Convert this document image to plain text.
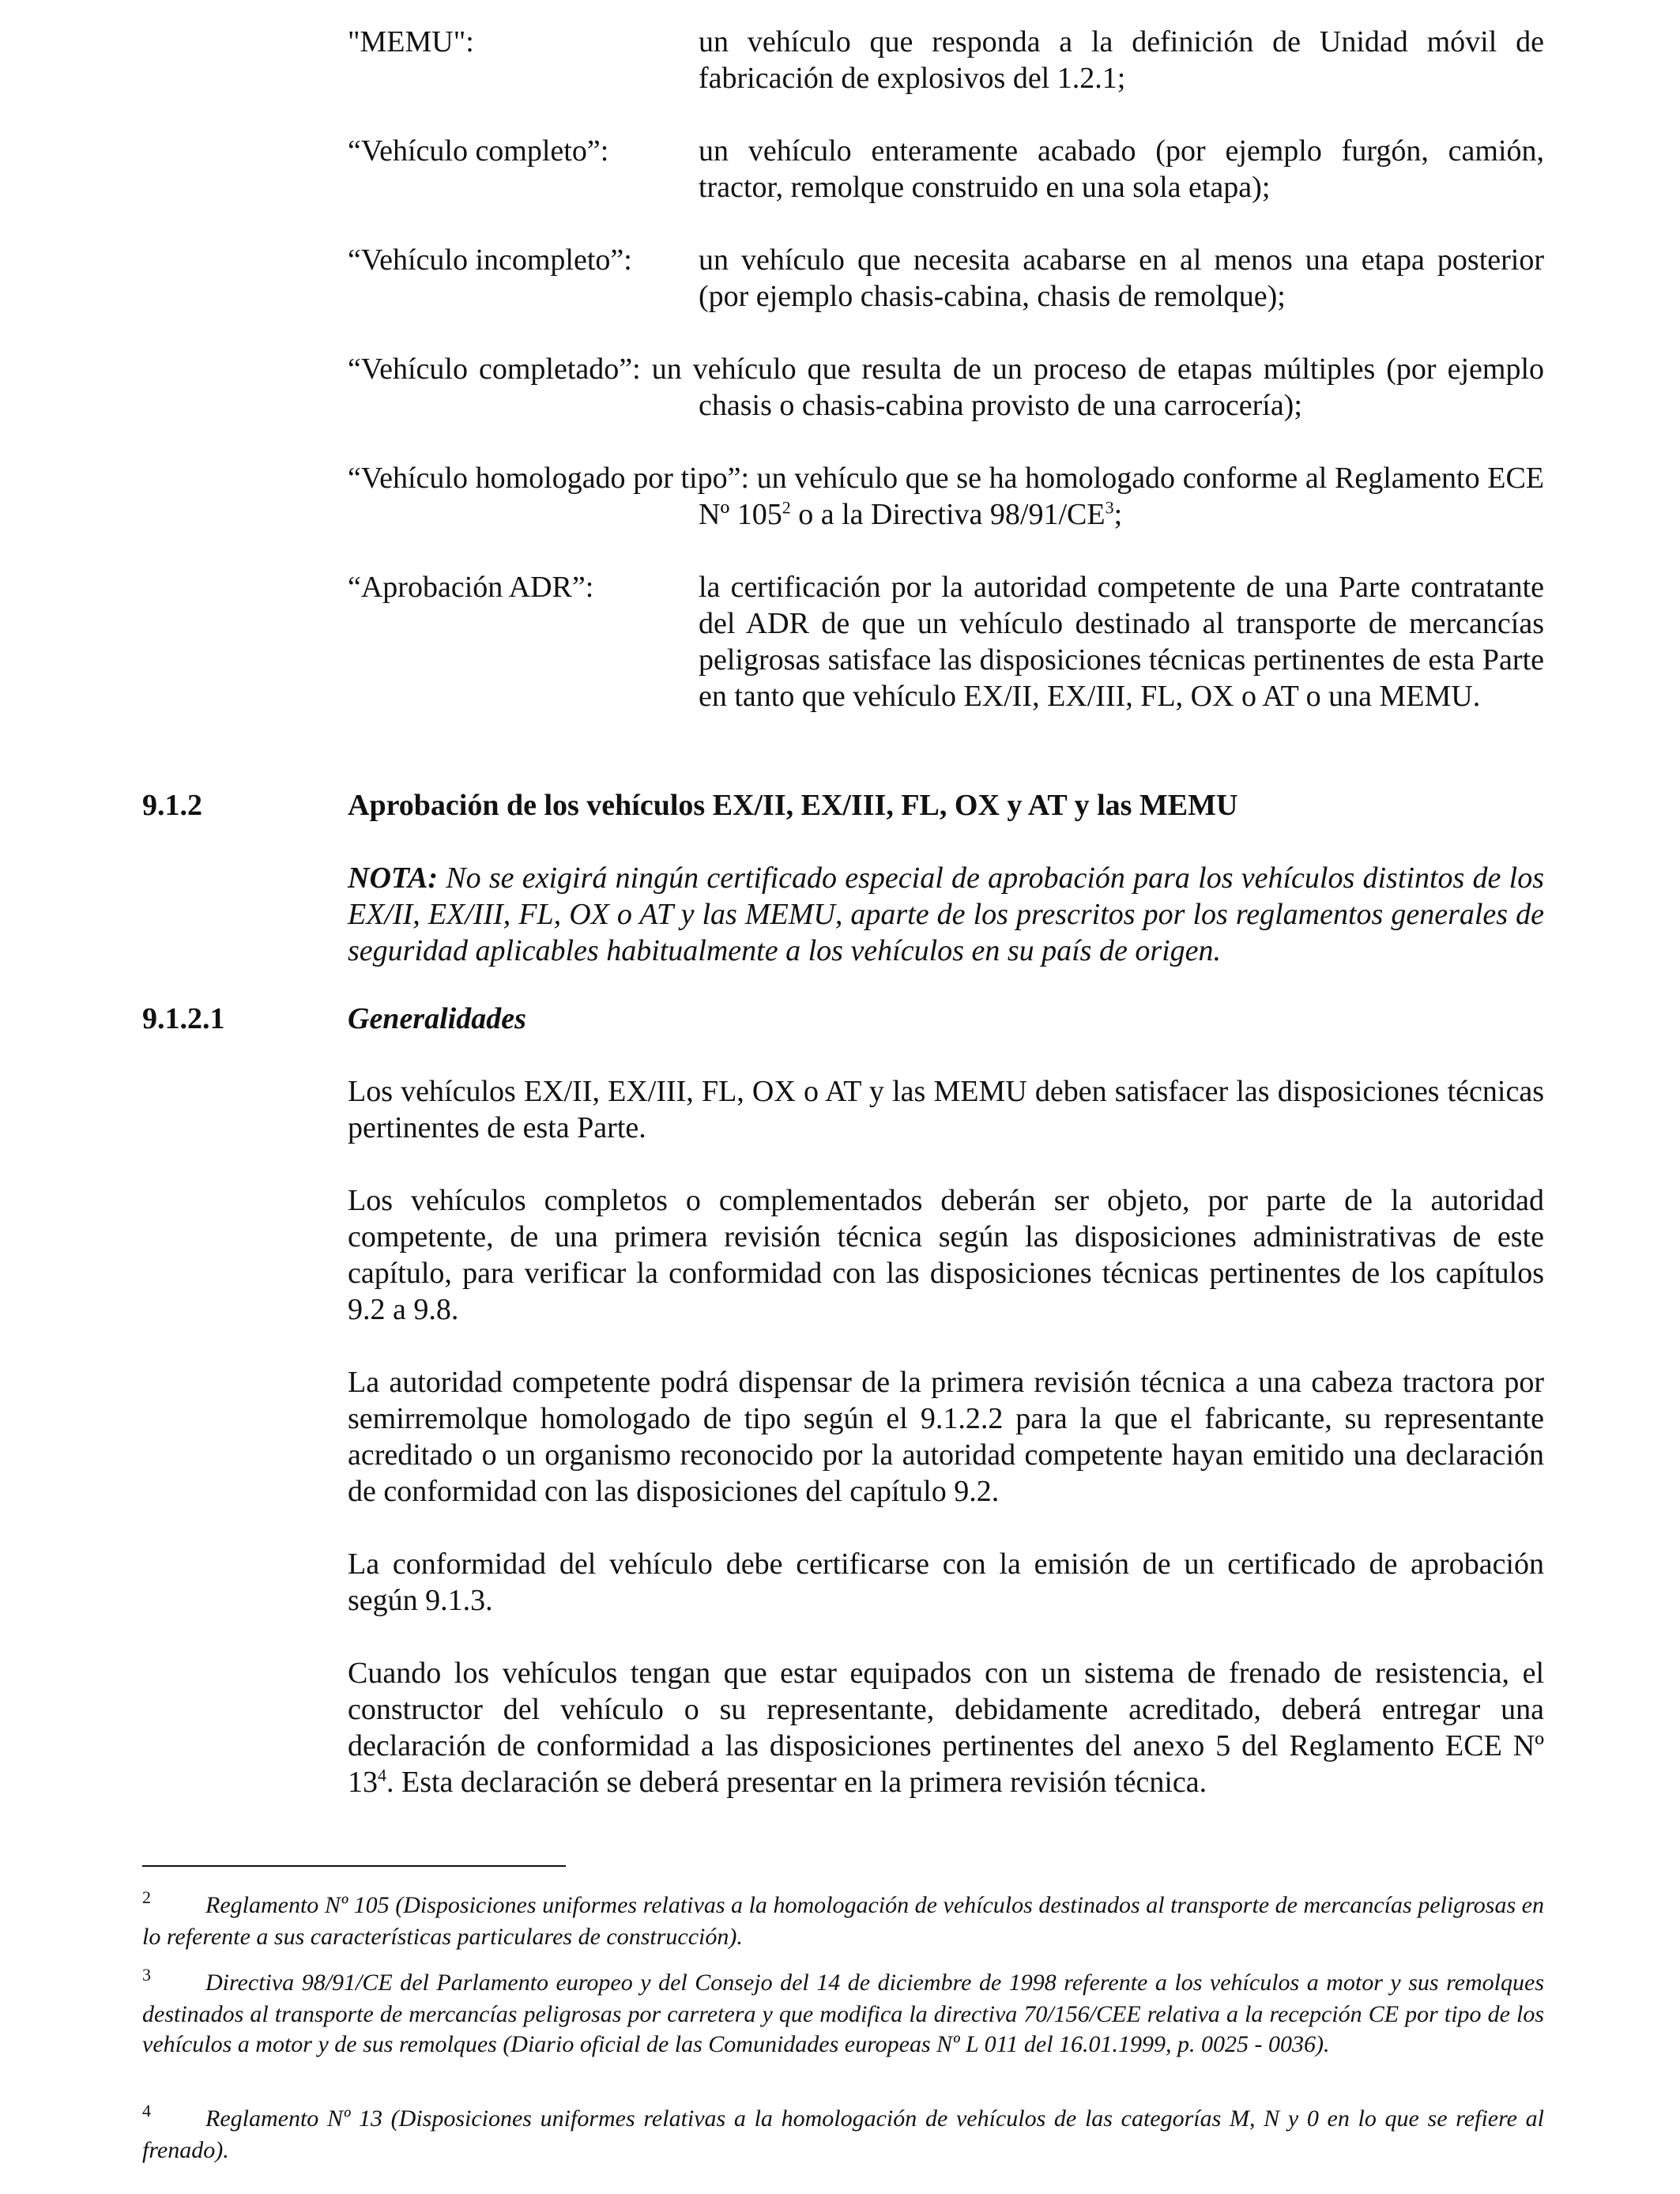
"MEMU":	un vehículo que responda a la definición de Unidad móvil de fabricación de explosivos del 1.2.1;
“Vehículo completo”:	un vehículo enteramente acabado (por ejemplo furgón, camión, tractor, remolque construido en una sola etapa);
“Vehículo incompleto”: un vehículo que necesita acabarse en al menos una etapa posterior (por ejemplo chasis-cabina, chasis de remolque);
“Vehículo completado”: un vehículo que resulta de un proceso de etapas múltiples (por ejemplo chasis o chasis-cabina provisto de una carrocería);
“Vehículo homologado por tipo”: un vehículo que se ha homologado conforme al Reglamento ECE Nº $105^2$ o a la Directiva $98/91/CE^3$;
“Aprobación ADR”:	la certificación por la autoridad competente de una Parte contratante del ADR de que un vehículo destinado al transporte de mercancías peligrosas satisface las disposiciones técnicas pertinentes de esta Parte en tanto que vehículo EX/II, EX/III, FL, OX o AT o una MEMU.
9.1.2	Aprobación de los vehículos EX/II, EX/III, FL, OX y AT y las MEMU
NOTA: No se exigirá ningún certificado especial de aprobación para los vehículos distintos de los EX/II, EX/III, FL, OX o AT y las MEMU, aparte de los prescritos por los reglamentos generales de seguridad aplicables habitualmente a los vehículos en su país de origen.
9.1.2.1	Generalidades
Los vehículos EX/II, EX/III, FL, OX o AT y las MEMU deben satisfacer las disposiciones técnicas pertinentes de esta Parte.
Los vehículos completos o complementados deberán ser objeto, por parte de la autoridad competente, de una primera revisión técnica según las disposiciones administrativas de este capítulo, para verificar la conformidad con las disposiciones técnicas pertinentes de los capítulos 9.2 a 9.8.
La autoridad competente podrá dispensar de la primera revisión técnica a una cabeza tractora por semirremolque homologado de tipo según el 9.1.2.2 para la que el fabricante, su representante acreditado o un organismo reconocido por la autoridad competente hayan emitido una declaración de conformidad con las disposiciones del capítulo 9.2.
La conformidad del vehículo debe certificarse con la emisión de un certificado de aprobación según 9.1.3.
Cuando los vehículos tengan que estar equipados con un sistema de frenado de resistencia, el constructor del vehículo o su representante, debidamente acreditado, deberá entregar una declaración de conformidad a las disposiciones pertinentes del anexo 5 del Reglamento ECE Nº $13^4$. Esta declaración se deberá presentar en la primera revisión técnica.
2 Reglamento Nº 105 (Disposiciones uniformes relativas a la homologación de vehículos destinados al transporte de mercancías peligrosas en lo referente a sus características particulares de construcción).
3 Directiva 98/91/CE del Parlamento europeo y del Consejo del 14 de diciembre de 1998 referente a los vehículos a motor y sus remolques destinados al transporte de mercancías peligrosas por carretera y que modifica la directiva 70/156/CEE relativa a la recepción CE por tipo de los vehículos a motor y de sus remolques (Diario oficial de las Comunidades europeas Nº L 011 del 16.01.1999, p. 0025 - 0036).
4 Reglamento Nº 13 (Disposiciones uniformes relativas a la homologación de vehículos de las categorías M, N y 0 en lo que se refiere al frenado).
